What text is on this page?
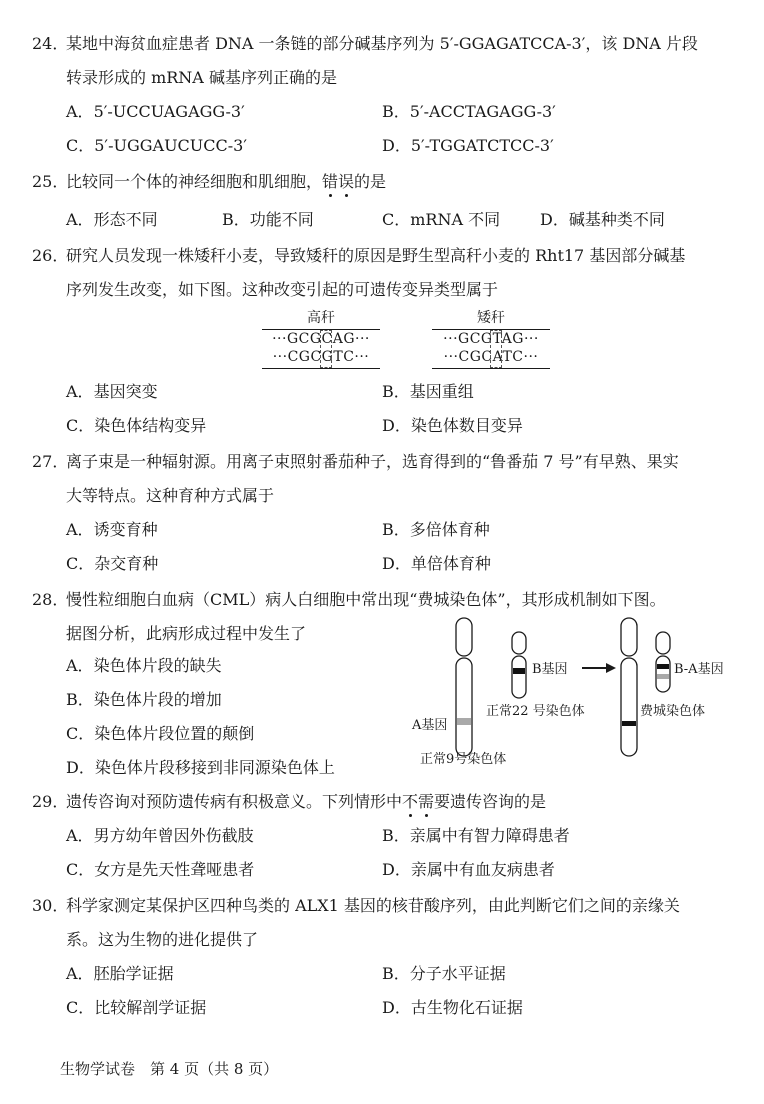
24．某地中海贫血症患者 DNA 一条链的部分碱基序列为 5′-GGAGATCCA-3′，该 DNA 片段
转录形成的 mRNA 碱基序列正确的是
A．5′-UCCUAGAGG-3′	B．5′-ACCTAGAGG-3′
C．5′-UGGAUCUCC-3′	D．5′-TGGATCTCC-3′
25．比较同一个体的神经细胞和肌细胞，错误的是
A．形态不同	B．功能不同	C．mRNA 不同 D．碱基种类不同
26．研究人员发现一株矮秆小麦，导致矮秆的原因是野生型高秆小麦的 Rht17 基因部分碱基
序列发生改变，如下图。这种改变引起的可遗传变异类型属于
高秆
···GCGCAG···
···CGCGTC···
矮秆
···GCGTAG···
···CGCATC···
A．基因突变	B．基因重组
C．染色体结构变异	D．染色体数目变异
27．离子束是一种辐射源。用离子束照射番茄种子，选育得到的“鲁番茄 7 号”有早熟、果实
大等特点。这种育种方式属于
A．诱变育种	B．多倍体育种
C．杂交育种	D．单倍体育种
28．慢性粒细胞白血病（CML）病人白细胞中常出现“费城染色体”，其形成机制如下图。
据图分析，此病形成过程中发生了
A．染色体片段的缺失
B．染色体片段的增加
C．染色体片段位置的颠倒
D．染色体片段移接到非同源染色体上
B基因
正常22 号染色体
A基因
正常9号染色体
B-A基因
费城染色体
29．遗传咨询对预防遗传病有积极意义。下列情形中不需要遗传咨询的是
A．男方幼年曾因外伤截肢	B．亲属中有智力障碍患者
C．女方是先天性聋哑患者	D．亲属中有血友病患者
30．科学家测定某保护区四种鸟类的 ALX1 基因的核苷酸序列，由此判断它们之间的亲缘关
系。这为生物的进化提供了
A．胚胎学证据	B．分子水平证据
C．比较解剖学证据	D．古生物化石证据
生物学试卷　第 4 页（共 8 页）
